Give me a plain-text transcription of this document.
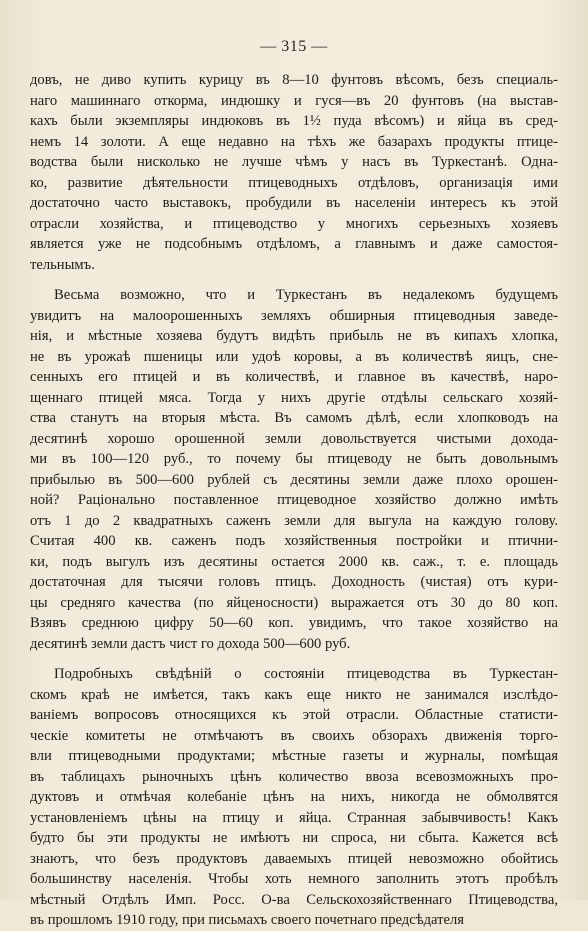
— 315 —
довъ, не диво купить курицу въ 8—10 фунтовъ вѣсомъ, безъ специаль-
наго машиннаго откорма, индюшку и гуся—въ 20 фунтовъ (на выстав-
кахъ были экземпляры индюковъ въ 1½ пуда вѣсомъ) и яйца въ сред-
немъ 14 золоти. А еще недавно на тѣхъ же базарахъ продукты птице-
водства были нисколько не лучше чѣмъ у насъ въ Туркестанѣ. Одна-
ко, развитие дѣятельности птицеводныхъ отдѣловъ, организація ими
достаточно часто выставокъ, пробудили въ населеніи интересъ къ этой
отрасли хозяйства, и птицеводство у многихъ серьезныхъ хозяевъ
является уже не подсобнымъ отдѣломъ, а главнымъ и даже самостоя-
тельнымъ.
Весьма возможно, что и Туркестанъ въ недалекомъ будущемъ
увидитъ на малоорошенныхъ земляхъ обширныя птицеводныя заведе-
нія, и мѣстные хозяева будутъ видѣть прибыль не въ кипахъ хлопка,
не въ урожаѣ пшеницы или удоѣ коровы, а въ количествѣ яицъ, сне-
сенныхъ его птицей и въ количествѣ, и главное въ качествѣ, наро-
щеннаго птицей мяса. Тогда у нихъ другіе отдѣлы сельскаго хозяй-
ства станутъ на вторыя мѣста. Въ самомъ дѣлѣ, если хлопководъ на
десятинѣ хорошо орошенной земли довольствуется чистыми доходa-
ми въ 100—120 руб., то почему бы птицеводу не быть довольнымъ
прибылью въ 500—600 рублей съ десятины земли даже плохо орошен-
ной? Раціонально поставленное птицеводное хозяйство должно имѣть
отъ 1 до 2 квадратныхъ саженъ земли для выгула на каждую голову.
Считая 400 кв. саженъ подъ хозяйственныя постройки и птични-
ки, подъ выгулъ изъ десятины остается 2000 кв. саж., т. е. площадь
достаточная для тысячи головъ птицъ. Доходность (чистая) отъ кури-
цы средняго качества (по яйценосности) выражается отъ 30 до 80 коп.
Взявъ среднюю цифру 50—60 коп. увидимъ, что такое хозяйство на
десятинѣ земли дастъ чист го дохода 500—600 руб.
Подробныхъ свѣдѣній о состояніи птицеводства въ Туркестан-
скомъ краѣ не имѣется, такъ какъ еще никто не занимался изслѣдо-
ваніемъ вопросовъ относящихся къ этой отрасли. Областные статисти-
ческіе комитеты не отмѣчаютъ въ своихъ обзорахъ движенія торго-
вли птицеводными продуктами; мѣстные газеты и журналы, помѣщая
въ таблицахъ рыночныхъ цѣнъ количество ввоза всевозможныхъ про-
дуктовъ и отмѣчая колебаніе цѣнъ на нихъ, никогда не обмолвятся
установленіемъ цѣны на птицу и яйца. Странная забывчивость! Какъ
будто бы эти продукты не имѣютъ ни спроса, ни сбыта. Кажется всѣ
знаютъ, что безъ продуктовъ даваемыхъ птицей невозможно обойтись
большинству населенія. Чтобы хоть немного заполнить этотъ пробѣлъ
мѣстный Отдѣлъ Имп. Росс. О-ва Сельскохозяйственнаго Птицеводства,
въ прошломъ 1910 году, при письмахъ своего почетнаго предсѣдателя
